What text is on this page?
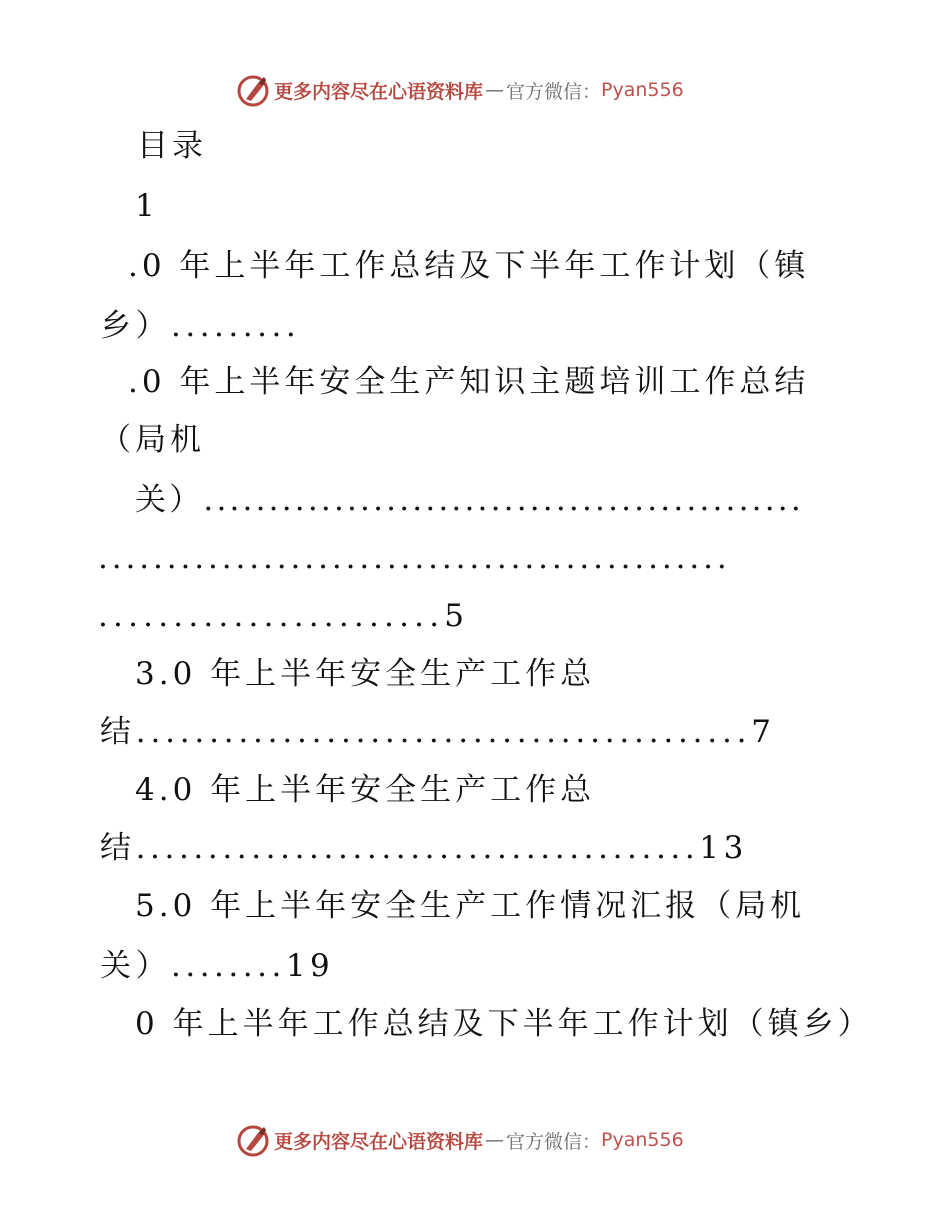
更多内容尽在心语资料库 — 官方微信： Pyan556
目录
1
.0 年上半年工作总结及下半年工作计划（镇
乡）.........
.0 年上半年安全生产知识主题培训工作总结
（局机
关）..............................................
..............................................
.......................5
3.0 年上半年安全生产工作总
结..........................................7
4.0 年上半年安全生产工作总
结.......................................13
5.0 年上半年安全生产工作情况汇报（局机
关）........19
0 年上半年工作总结及下半年工作计划（镇乡）
更多内容尽在心语资料库 — 官方微信： Pyan556
